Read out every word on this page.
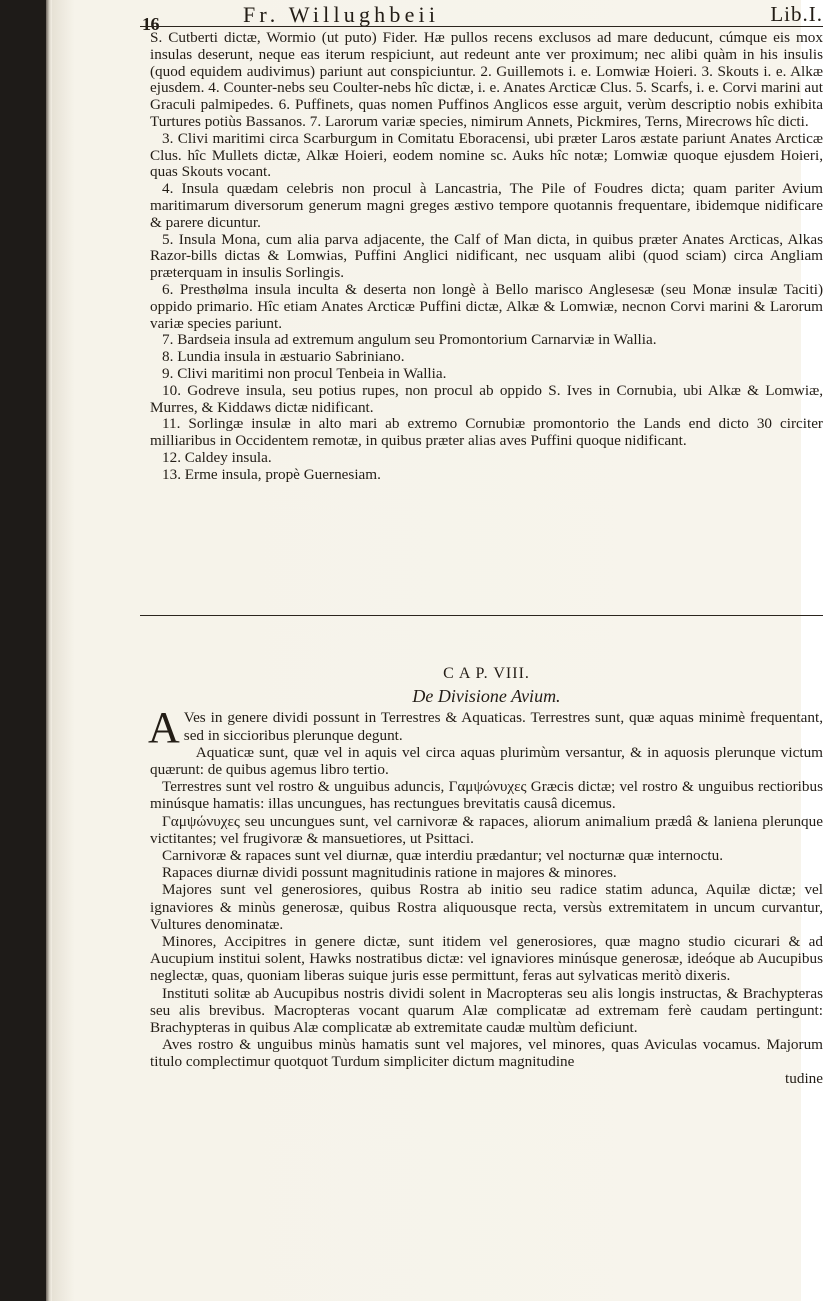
16	Fr. Willughbeii	Lib.I.

S. Cutberti dictæ, Wormio (ut puto) Fider. Hæ pullos recens exclusos ad mare deducunt, cúmque eis mox insulas deserunt, neque eas iterum respiciunt, aut redeunt ante ver proximum; nec alibi quàm in his insulis (quod equidem audivimus) pariunt aut conspiciuntur. 2. Guillemots i. e. Lomwiæ Hoieri. 3. Skouts i. e. Alkæ ejusdem. 4. Counter-nebs seu Coulter-nebs hîc dictæ, i. e. Anates Arcticæ Clus. 5. Scarfs, i. e. Corvi marini aut Graculi palmipedes. 6. Puffinets, quas nomen Puffinos Anglicos esse arguit, verùm descriptio nobis exhibita Turtures potiùs Bassanos. 7. Larorum variæ species, nimirum Annets, Pickmires, Terns, Mirecrows hîc dicti.

3. Clivi maritimi circa Scarburgum in Comitatu Eboracensi, ubi præter Laros æstate pariunt Anates Arcticæ Clus. hîc Mullets dictæ, Alkæ Hoieri, eodem nomine sc. Auks hîc notæ; Lomwiæ quoque ejusdem Hoieri, quas Skouts vocant.

4. Insula quædam celebris non procul à Lancastria, The Pile of Foudres dicta; quam pariter Avium maritimarum diversorum generum magni greges æstivo tempore quotannis frequentare, ibidemque nidificare & parere dicuntur.

5. Insula Mona, cum alia parva adjacente, the Calf of Man dicta, in quibus præter Anates Arcticas, Alkas Razor-bills dictas & Lomwias, Puffini Anglici nidificant, nec usquam alibi (quod sciam) circa Angliam præterquam in insulis Sorlingis.

6. Presthølma insula inculta & deserta non longè à Bello marisco Anglesesæ (seu Monæ insulæ Taciti) oppido primario. Hîc etiam Anates Arcticæ Puffini dictæ, Alkæ & Lomwiæ, necnon Corvi marini & Larorum variæ species pariunt.

7. Bardseia insula ad extremum angulum seu Promontorium Carnarviæ in Wallia.

8. Lundia insula in æstuario Sabriniano.

9. Clivi maritimi non procul Tenbeia in Wallia.

10. Godreve insula, seu potius rupes, non procul ab oppido S. Ives in Cornubia, ubi Alkæ & Lomwiæ, Murres, & Kiddaws dictæ nidificant.

11. Sorlingæ insulæ in alto mari ab extremo Cornubiæ promontorio the Lands end dicto 30 circiter milliaribus in Occidentem remotæ, in quibus præter alias aves Puffini quoque nidificant.

12. Caldey insula.

13. Erme insula, propè Guernesiam.

C A P. VIII.
De Divisione Avium.

A Ves in genere dividi possunt in Terrestres & Aquaticas. Terrestres sunt, quæ aquas minimè frequentant, sed in siccioribus plerunque degunt.

Aquaticæ sunt, quæ vel in aquis vel circa aquas plurimùm versantur, & in aquosis plerunque victum quærunt: de quibus agemus libro tertio.

Terrestres sunt vel rostro & unguibus aduncis, Γαμψώνυχες Græcis dictæ; vel rostro & unguibus rectioribus minúsque hamatis: illas uncungues, has rectungues brevitatis causâ dicemus.

Γαμψώνυχες seu uncungues sunt, vel carnivoræ & rapaces, aliorum animalium prædâ & laniena plerunque victitantes; vel frugivoræ & mansuetiores, ut Psittaci.

Carnivoræ & rapaces sunt vel diurnæ, quæ interdiu prædantur; vel nocturnæ quæ internoctu.

Rapaces diurnæ dividi possunt magnitudinis ratione in majores & minores.

Majores sunt vel generosiores, quibus Rostra ab initio seu radice statim adunca, Aquilæ dictæ; vel ignaviores & minùs generosæ, quibus Rostra aliquousque recta, versùs extremitatem in uncum curvantur, Vultures denominatæ.

Minores, Accipitres in genere dictæ, sunt itidem vel generosiores, quæ magno studio cicurari & ad Aucupium institui solent, Hawks nostratibus dictæ: vel ignaviores minúsque generosæ, ideóque ab Aucupibus neglectæ, quas, quoniam liberas suique juris esse permittunt, feras aut sylvaticas meritò dixeris.

Instituti solitæ ab Aucupibus nostris dividi solent in Macropteras seu alis longis instructas, & Brachypteras seu alis brevibus. Macropteras vocant quarum Alæ complicatæ ad extremam ferè caudam pertingunt: Brachypteras in quibus Alæ complicatæ ab extremitate caudæ multùm deficiunt.

Aves rostro & unguibus minùs hamatis sunt vel majores, vel minores, quas Aviculas vocamus. Majorum titulo complectimur quotquot Turdum simpliciter dictum magnitudine

tudine
